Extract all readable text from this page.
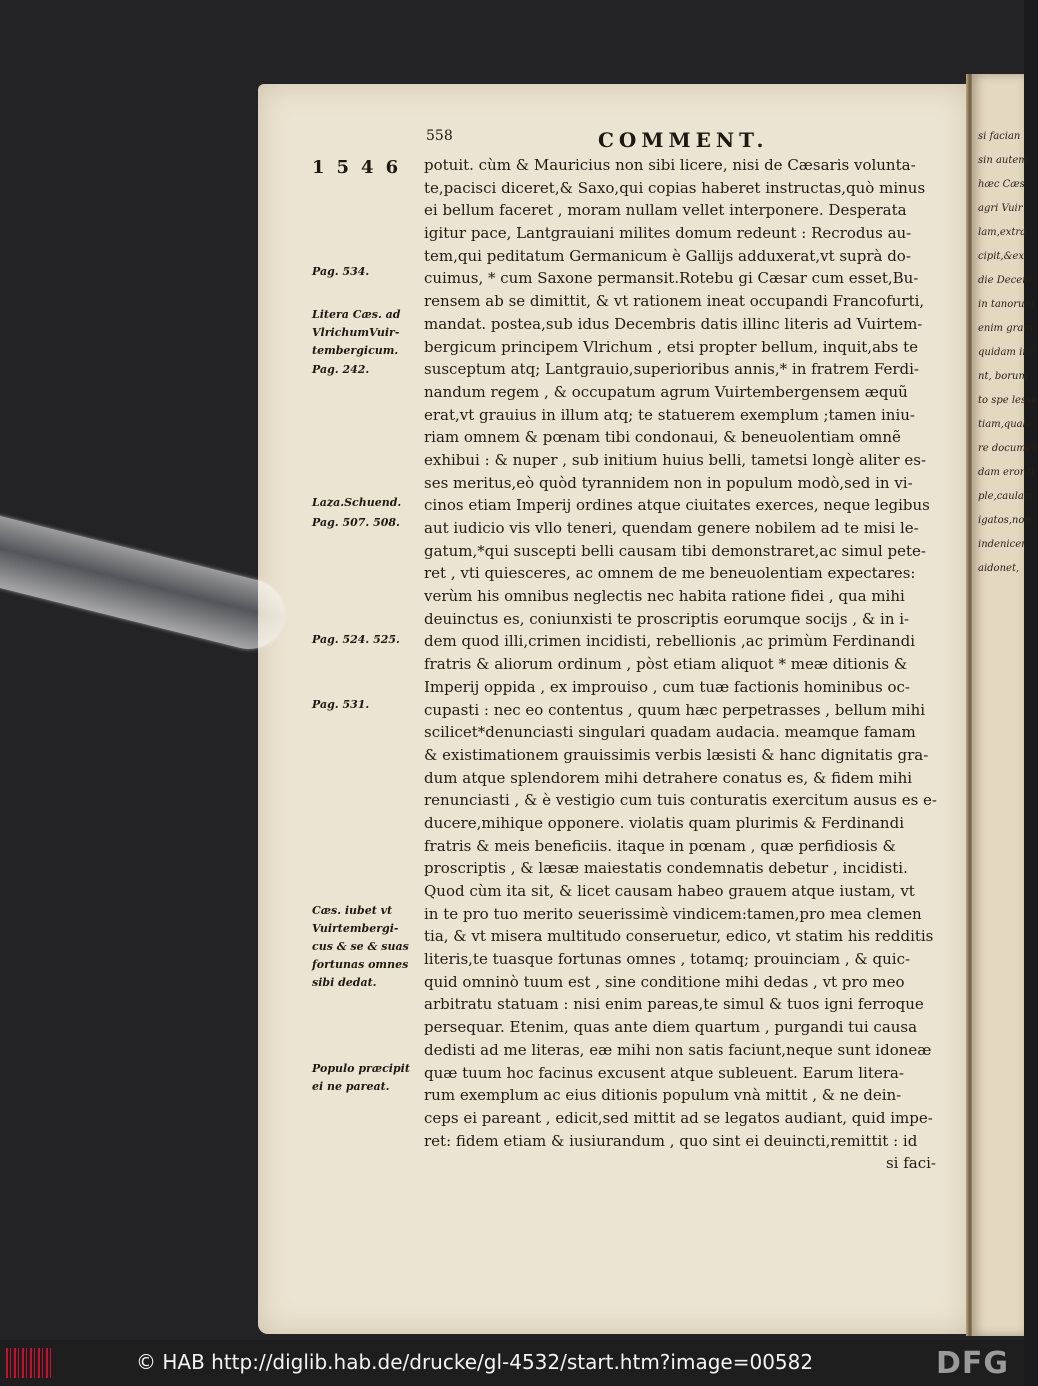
si facian
sin autem
hæc Cæs
agri Vuir
lam,extra
cipit,&ex
die Decem
in tanorum
enim gram
quidam inc
nt, borum
to spe lesse
tiam,quale
re documen
dam erordi
ple,caulam
igatos,non
indenicer
aidonet,
558	COMMENT.
1546 potuit. cùm & Mauricius non sibi licere, nisi de Cæsaris volunta-
te,pacisci diceret,& Saxo,qui copias haberet instructas,quò minus
ei bellum faceret , moram nullam vellet interponere. Desperata
igitur pace, Lantgrauiani milites domum redeunt : Recrodus au-
tem,qui peditatum Germanicum è Gallijs adduxerat,vt suprà do-
cuimus, * cum Saxone permansit.Rotebu gi Cæsar cum esset,Bu-
rensem ab se dimittit, & vt rationem ineat occupandi Francofurti,
mandat. postea,sub idus Decembris datis illinc literis ad Vuirtem-
bergicum principem Vlrichum , etsi propter bellum, inquit,abs te
susceptum atq; Lantgrauio,superioribus annis,* in fratrem Ferdi-
nandum regem , & occupatum agrum Vuirtembergensem æquũ
erat,vt grauius in illum atq; te statuerem exemplum ;tamen iniu-
riam omnem & pœnam tibi condonaui, & beneuolentiam omnẽ
exhibui : & nuper , sub initium huius belli, tametsi longè aliter es-
ses meritus,eò quòd tyrannidem non in populum modò,sed in vi-
cinos etiam Imperij ordines atque ciuitates exerces, neque legibus
aut iudicio vis vllo teneri, quendam genere nobilem ad te misi le-
gatum,*qui suscepti belli causam tibi demonstraret,ac simul pete-
ret , vti quiesceres, ac omnem de me beneuolentiam expectares:
verùm his omnibus neglectis nec habita ratione fidei , qua mihi
deuinctus es, coniunxisti te proscriptis eorumque socijs , & in i-
dem quod illi,crimen incidisti, rebellionis ,ac primùm Ferdinandi
fratris & aliorum ordinum , pòst etiam aliquot * meæ ditionis &
Imperij oppida , ex improuiso , cum tuæ factionis hominibus oc-
cupasti : nec eo contentus , quum hæc perpetrasses , bellum mihi
scilicet*denunciasti singulari quadam audacia. meamque famam
& existimationem grauissimis verbis læsisti & hanc dignitatis gra-
dum atque splendorem mihi detrahere conatus es, & fidem mihi
renunciasti , & è vestigio cum tuis conturatis exercitum ausus es e-
ducere,mihique opponere. violatis quam plurimis & Ferdinandi
fratris & meis beneficiis. itaque in pœnam , quæ perfidiosis &
proscriptis , & læsæ maiestatis condemnatis debetur , incidisti.
Quod cùm ita sit, & licet causam habeo grauem atque iustam, vt
in te pro tuo merito seuerissimè vindicem:tamen,pro mea clemen
tia, & vt misera multitudo conseruetur, edico, vt statim his redditis
literis,te tuasque fortunas omnes , totamq; prouinciam , & quic-
quid omninò tuum est , sine conditione mihi dedas , vt pro meo
arbitratu statuam : nisi enim pareas,te simul & tuos igni ferroque
persequar. Etenim, quas ante diem quartum , purgandi tui causa
dedisti ad me literas, eæ mihi non satis faciunt,neque sunt idoneæ
quæ tuum hoc facinus excusent atque subleuent. Earum litera-
rum exemplum ac eius ditionis populum vnà mittit , & ne dein-
ceps ei pareant , edicit,sed mittit ad se legatos audiant, quid impe-
ret: fidem etiam & iusiurandum , quo sint ei deuincti,remittit : id
si faci-
Pag. 534.
Litera Cæs. ad
VlrichumVuir-
tembergicum.
Pag. 242.
Laza.Schuend.
Pag. 507. 508.
Pag. 524. 525.
Pag. 531.
Cæs. iubet vt
Vuirtembergi-
cus & se & suas
fortunas omnes
sibi dedat.
Populo præcipit
ei ne pareat.
© HAB http://diglib.hab.de/drucke/gl-4532/start.htm?image=00582	DFG
